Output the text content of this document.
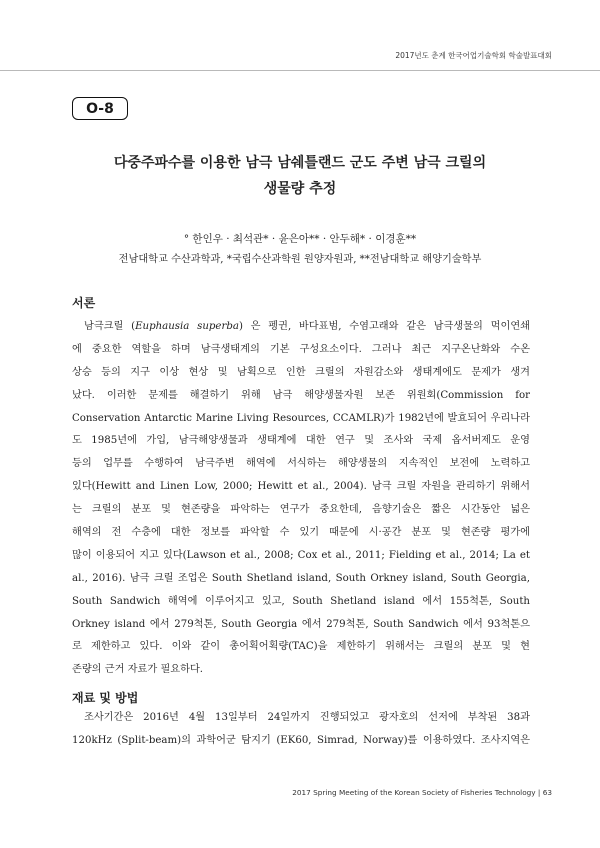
2017년도 춘계 한국어업기술학회 학술발표대회
O-8
다중주파수를 이용한 남극 남쉐틀랜드 군도 주변 남극 크릴의
생물량 추정
° 한인우 · 최석관* · 윤은아** · 안두해* · 이경훈**
전남대학교 수산과학과, *국립수산과학원 원양자원과, **전남대학교 해양기술학부
서론
남극크릴 (Euphausia superba) 은 펭귄, 바다표범, 수염고래와 같은 남극생물의 먹이연쇄
에 중요한 역할을 하며 남극생태계의 기본 구성요소이다. 그러나 최근 지구온난화와 수온
상승 등의 지구 이상 현상 및 남획으로 인한 크릴의 자원감소와 생태계에도 문제가 생겨
났다. 이러한 문제를 해결하기 위해 남극 해양생물자원 보존 위원회(Commission for
Conservation Antarctic Marine Living Resources, CCAMLR)가 1982년에 발효되어 우리나라
도 1985년에 가입, 남극해양생물과 생태계에 대한 연구 및 조사와 국제 옵서버제도 운영
등의 업무를 수행하여 남극주변 해역에 서식하는 해양생물의 지속적인 보전에 노력하고
있다(Hewitt and Linen Low, 2000; Hewitt et al., 2004). 남극 크릴 자원을 관리하기 위해서
는 크릴의 분포 및 현존량을 파악하는 연구가 중요한데, 음향기술은 짧은 시간동안 넓은
해역의 전 수층에 대한 정보를 파악할 수 있기 때문에 시·공간 분포 및 현존량 평가에
많이 이용되어 지고 있다(Lawson et al., 2008; Cox et al., 2011; Fielding et al., 2014; La et
al., 2016). 남극 크릴 조업은 South Shetland island, South Orkney island, South Georgia,
South Sandwich 해역에 이루어지고 있고, South Shetland island 에서 155척톤, South
Orkney island 에서 279척톤, South Georgia 에서 279척톤, South Sandwich 에서 93척톤으
로 제한하고 있다. 이와 같이 총어획어획량(TAC)을 제한하기 위해서는 크릴의 분포 및 현
존량의 근거 자료가 필요하다.
재료 및 방법
조사기간은 2016년 4월 13일부터 24일까지 진행되었고 광자호의 선저에 부착된 38과
120kHz (Split-beam)의 과학어군 탐지기 (EK60, Simrad, Norway)를 이용하였다. 조사지역은
2017 Spring Meeting of the Korean Society of Fisheries Technology | 63
